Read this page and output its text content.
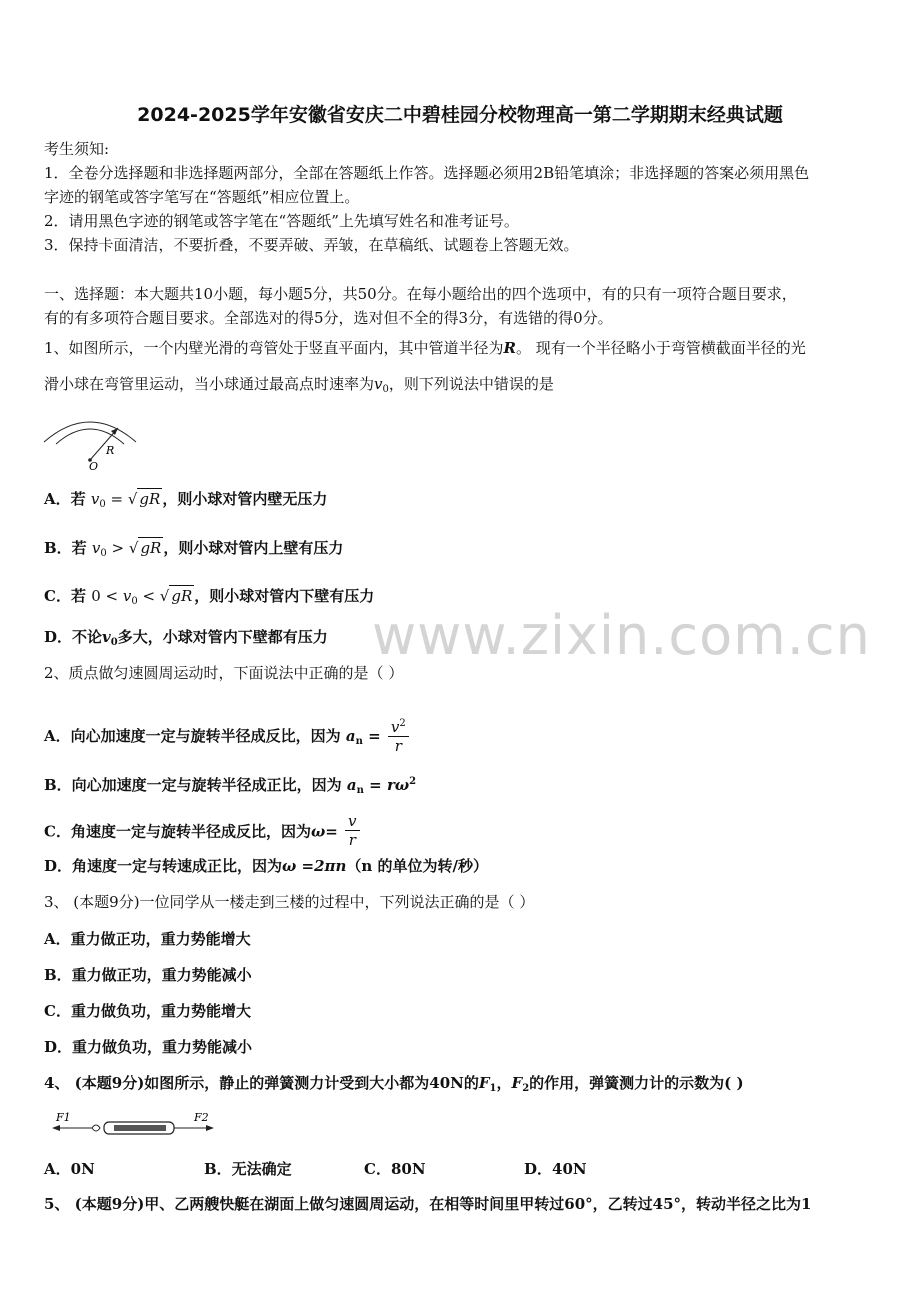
2024-2025学年安徽省安庆二中碧桂园分校物理高一第二学期期末经典试题
考生须知:
1．全卷分选择题和非选择题两部分，全部在答题纸上作答。选择题必须用2B铅笔填涂；非选择题的答案必须用黑色
字迹的钢笔或答字笔写在“答题纸”相应位置上。
2．请用黑色字迹的钢笔或答字笔在“答题纸”上先填写姓名和准考证号。
3．保持卡面清洁，不要折叠，不要弄破、弄皱，在草稿纸、试题卷上答题无效。
一、选择题：本大题共10小题，每小题5分，共50分。在每小题给出的四个选项中，有的只有一项符合题目要求，
有的有多项符合题目要求。全部选对的得5分，选对但不全的得3分，有选错的得0分。
1、如图所示，一个内壁光滑的弯管处于竖直平面内，其中管道半径为R。 现有一个半径略小于弯管横截面半径的光
滑小球在弯管里运动，当小球通过最高点时速率为$v_0$，则下列说法中错误的是
R
O
A．若 $v_0$ = √ gR ，则小球对管内壁无压力
B．若 $v_0$ > √ gR ，则小球对管内上壁有压力
C．若 $0 < v_0$ < √ gR ，则小球对管内下壁有压力
D．不论$v_0$多大，小球对管内下壁都有压力 www.zixin.com.cn
2、质点做匀速圆周运动时，下面说法中正确的是（ ）
A．向心加速度一定与旋转半径成反比，因为 $a_n = \frac{v^2}{r}$
B．向心加速度一定与旋转半径成正比，因为 $a_n = r\omega^2$
C．角速度一定与旋转半径成反比，因为$\omega= \frac{v}{r}$
D．角速度一定与转速成正比，因为ω =2πn（n 的单位为转/秒）
3、 (本题9分)一位同学从一楼走到三楼的过程中，下列说法正确的是（ ）
A．重力做正功，重力势能增大
B．重力做正功，重力势能减小
C．重力做负功，重力势能增大
D．重力做负功，重力势能减小
4、 (本题9分)如图所示，静止的弹簧测力计受到大小都为40N的$F_1$，$F_2$的作用，弹簧测力计的示数为( )
F1	F2
A．0N	B．无法确定	C．80N	D．40N
5、 (本题9分)甲、乙两艘快艇在湖面上做匀速圆周运动，在相等时间里甲转过60°，乙转过45°，转动半径之比为1
